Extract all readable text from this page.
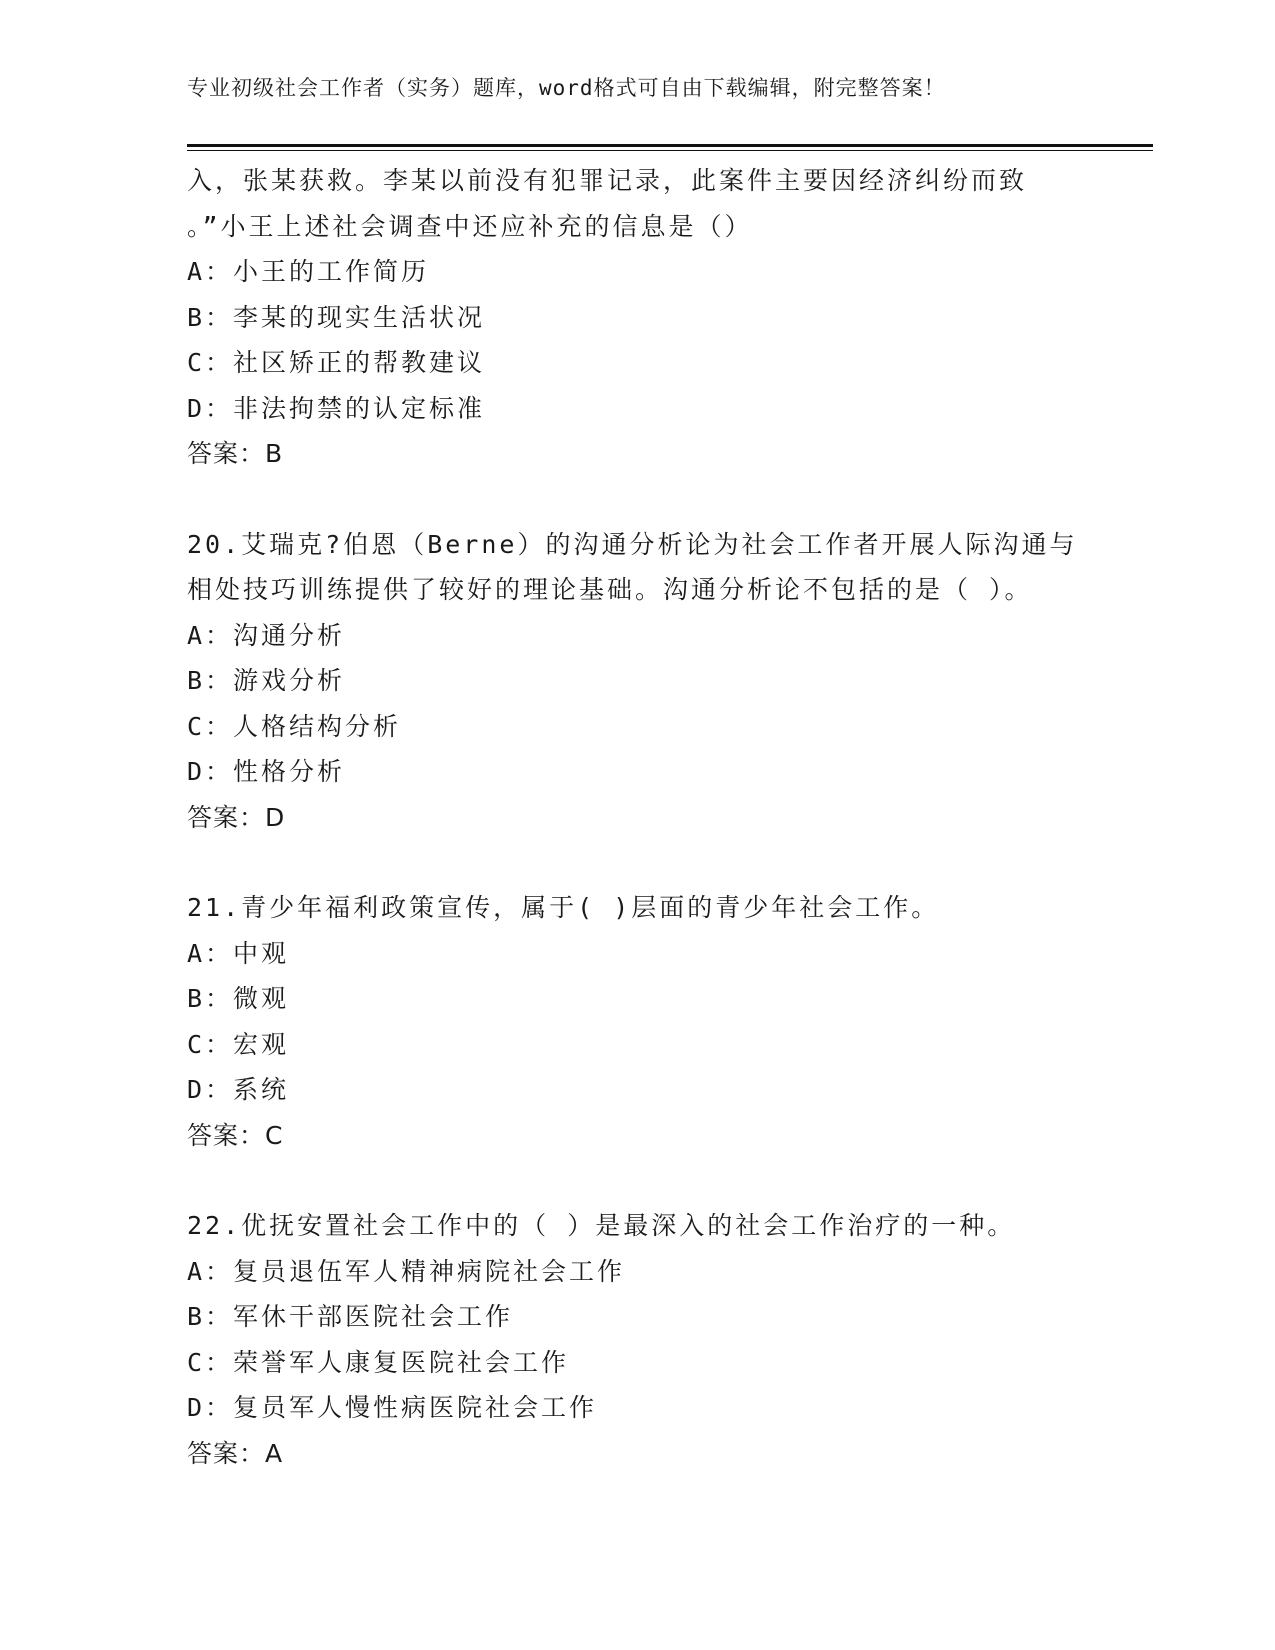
专业初级社会工作者（实务）题库，word格式可自由下载编辑，附完整答案！
入，张某获救。李某以前没有犯罪记录，此案件主要因经济纠纷而致
。”小王上述社会调查中还应补充的信息是（）
A：小王的工作简历
B：李某的现实生活状况
C：社区矫正的帮教建议
D：非法拘禁的认定标准
答案：B
20.艾瑞克?伯恩（Berne）的沟通分析论为社会工作者开展人际沟通与
相处技巧训练提供了较好的理论基础。沟通分析论不包括的是（ ）。
A：沟通分析
B：游戏分析
C：人格结构分析
D：性格分析
答案：D
21.青少年福利政策宣传，属于( )层面的青少年社会工作。
A：中观
B：微观
C：宏观
D：系统
答案：C
22.优抚安置社会工作中的（ ）是最深入的社会工作治疗的一种。
A：复员退伍军人精神病院社会工作
B：军休干部医院社会工作
C：荣誉军人康复医院社会工作
D：复员军人慢性病医院社会工作
答案：A
